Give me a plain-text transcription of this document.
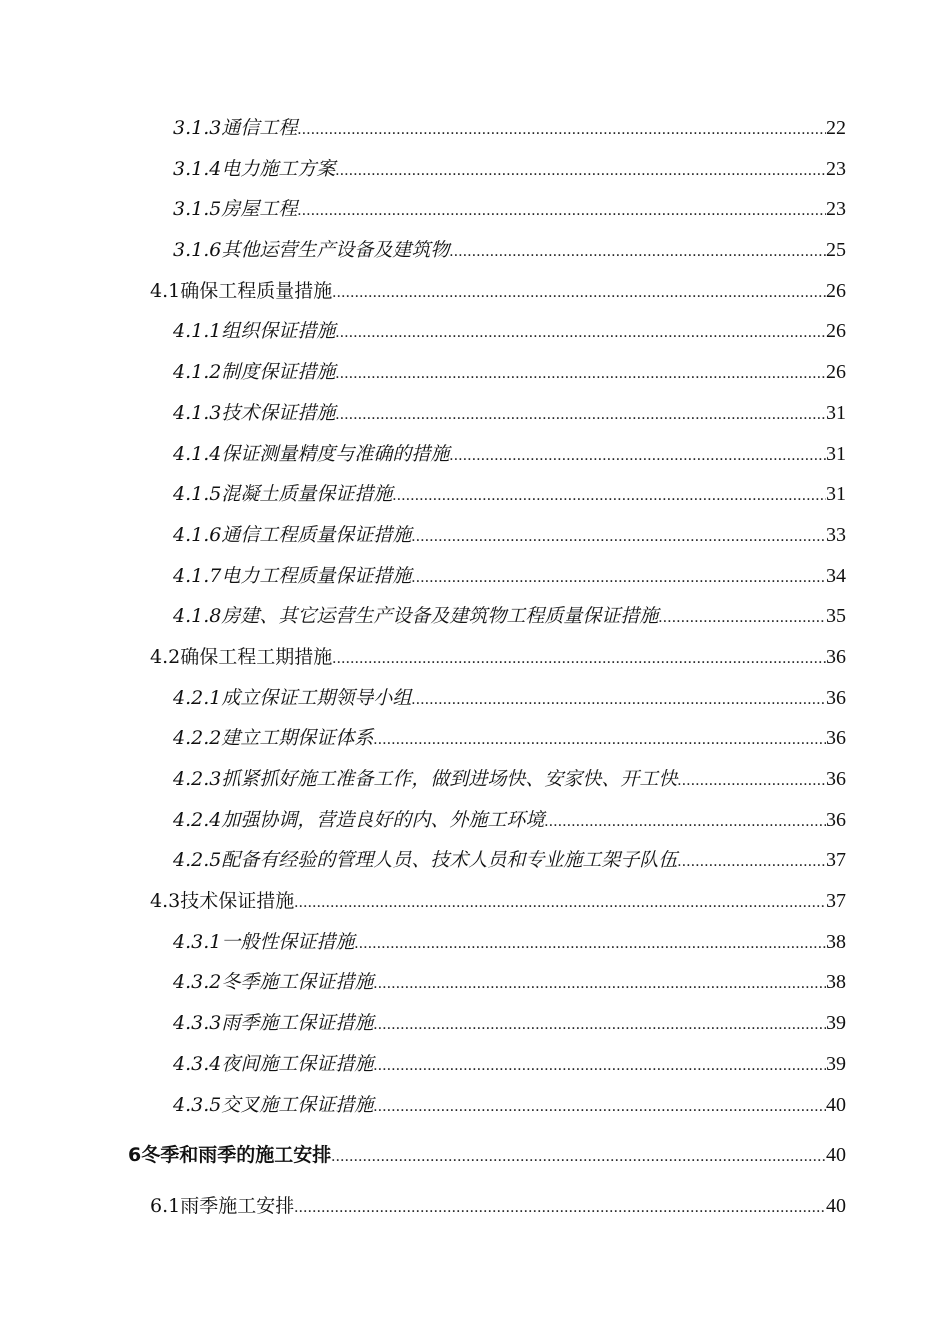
3.1.3通信工程 .....	22
3.1.4电力施工方案 .....	23
3.1.5房屋工程 .....	23
3.1.6其他运营生产设备及建筑物 .....	25
4.1确保工程质量措施 .....	26
4.1.1组织保证措施 .....	26
4.1.2制度保证措施 .....	26
4.1.3技术保证措施 .....	31
4.1.4保证测量精度与准确的措施 .....	31
4.1.5混凝土质量保证措施 .....	31
4.1.6通信工程质量保证措施 .....	33
4.1.7电力工程质量保证措施 .....	34
4.1.8房建、其它运营生产设备及建筑物工程质量保证措施 .....	35
4.2确保工程工期措施 .....	36
4.2.1成立保证工期领导小组 .....	36
4.2.2建立工期保证体系 .....	36
4.2.3抓紧抓好施工准备工作，做到进场快、安家快、开工快 .....	36
4.2.4加强协调，营造良好的内、外施工环境 .....	36
4.2.5配备有经验的管理人员、技术人员和专业施工架子队伍 .....	37
4.3技术保证措施 .....	37
4.3.1一般性保证措施 .....	38
4.3.2冬季施工保证措施 .....	38
4.3.3雨季施工保证措施 .....	39
4.3.4夜间施工保证措施 .....	39
4.3.5交叉施工保证措施 .....	40
6冬季和雨季的施工安排 .....	40
6.1雨季施工安排 .....	40
